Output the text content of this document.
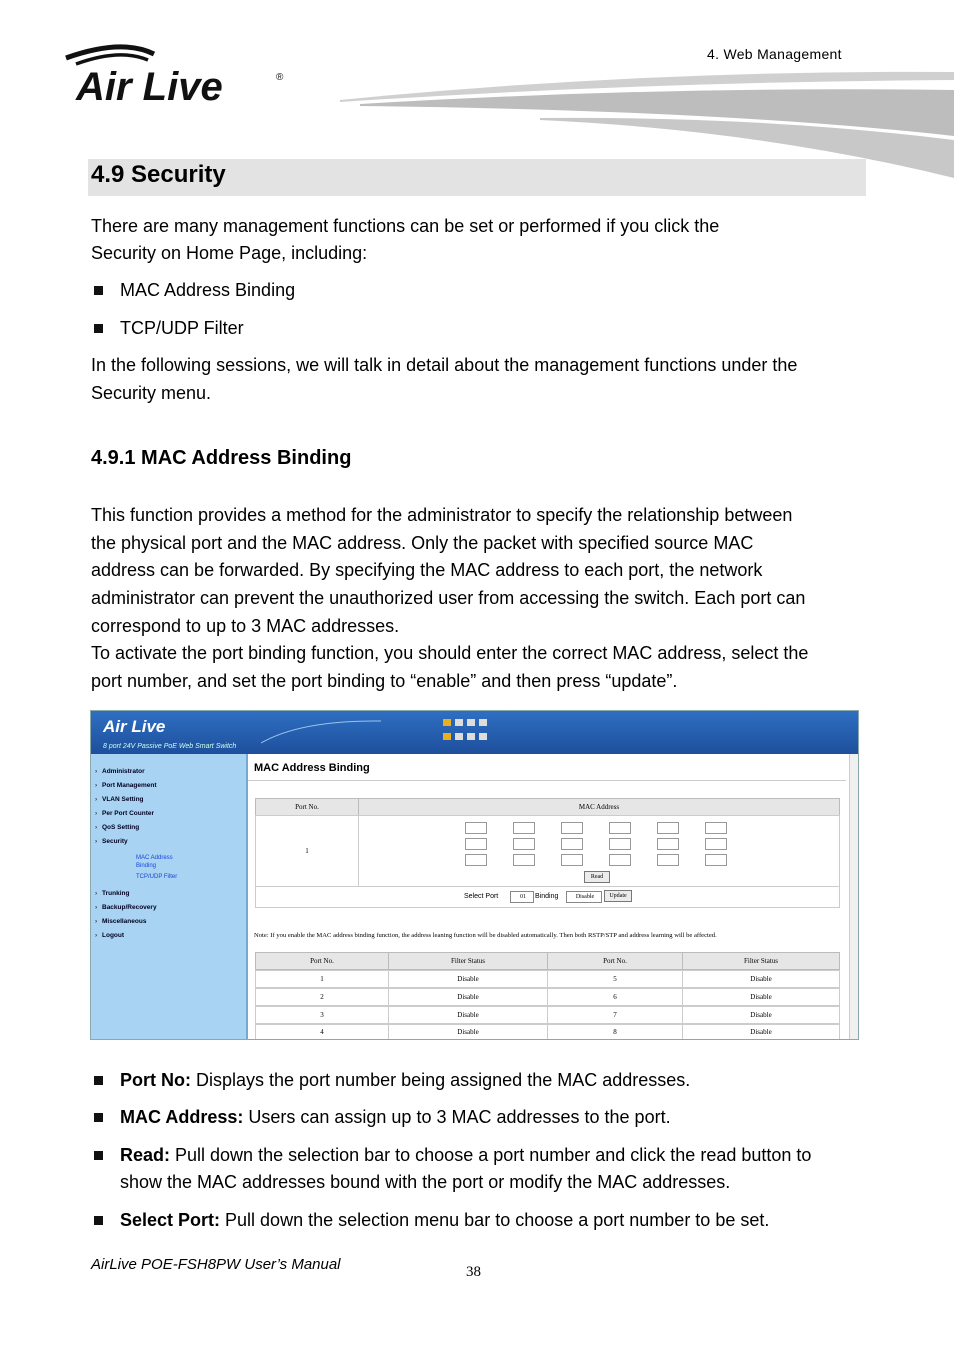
4. Web Management
Air Live	®
4.9 Security
There are many management functions can be set or performed if you click the
Security on Home Page, including:
MAC Address Binding
TCP/UDP Filter
In the following sessions, we will talk in detail about the management functions under the
Security menu.
4.9.1 MAC Address Binding
This function provides a method for the administrator to specify the relationship between
the physical port and the MAC address. Only the packet with specified source MAC
address can be forwarded. By specifying the MAC address to each port, the network
administrator can prevent the unauthorized user from accessing the switch. Each port can
correspond to up to 3 MAC addresses.
To activate the port binding function, you should enter the correct MAC address, select the
port number, and set the port binding to “enable” and then press “update”.
Air Live
8 port 24V Passive PoE Web Smart Switch
› Administrator
› Port Management
› VLAN Setting
› Per Port Counter
› QoS Setting
› Security
MAC Address
Binding
TCP/UDP Filter
› Trunking
› Backup/Recovery
› Miscellaneous
› Logout
MAC Address Binding
Port No.	MAC Address
1
Read
Select Port	01	Binding	Disable	Update
Note: If you enable the MAC address binding function, the address leaning function will be disabled automatically. Then both RSTP/STP and address learning will be affected.
Port No.	Filter Status	Port No.	Filter Status
1	Disable	5	Disable
2	Disable	6	Disable
3	Disable	7	Disable
4	Disable	8	Disable
Port No: Displays the port number being assigned the MAC addresses.
MAC Address: Users can assign up to 3 MAC addresses to the port.
Read: Pull down the selection bar to choose a port number and click the read button to
show the MAC addresses bound with the port or modify the MAC addresses.
Select Port: Pull down the selection menu bar to choose a port number to be set.
AirLive POE-FSH8PW User’s Manual	38
